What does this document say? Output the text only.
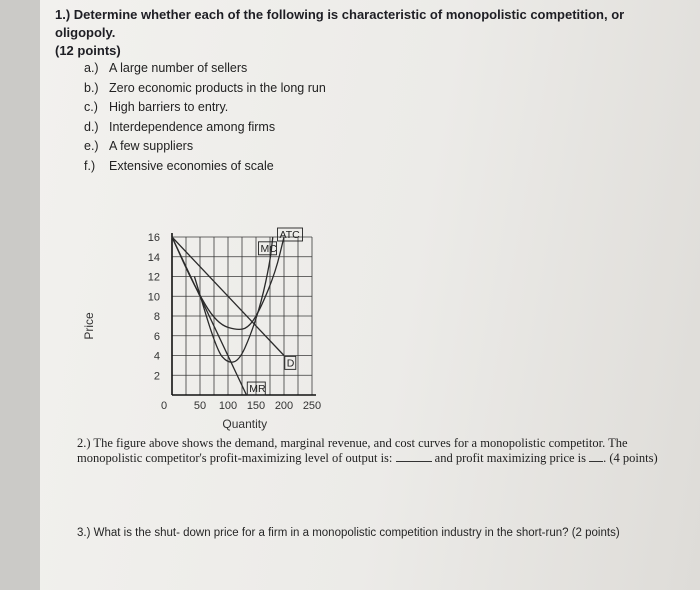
1.) Determine whether each of the following is characteristic of monopolistic competition, or oligopoly.
(12 points)
a.) A large number of sellers
b.) Zero economic products in the long run
c.) High barriers to entry.
d.) Interdependence among firms
e.) A few suppliers
f.)	Extensive economies of scale
16
14
12
10
8
6
4
2
0 50 100 150 200 250
Price
Quantity
ATC
MC
D
MR
2.) The figure above shows the demand, marginal revenue, and cost curves for a monopolistic competitor. The monopolistic competitor's profit-maximizing level of output is:	and profit maximizing price is . (4 points)
3.) What is the shut- down price for a firm in a monopolistic competition industry in the short-run? (2 points)
